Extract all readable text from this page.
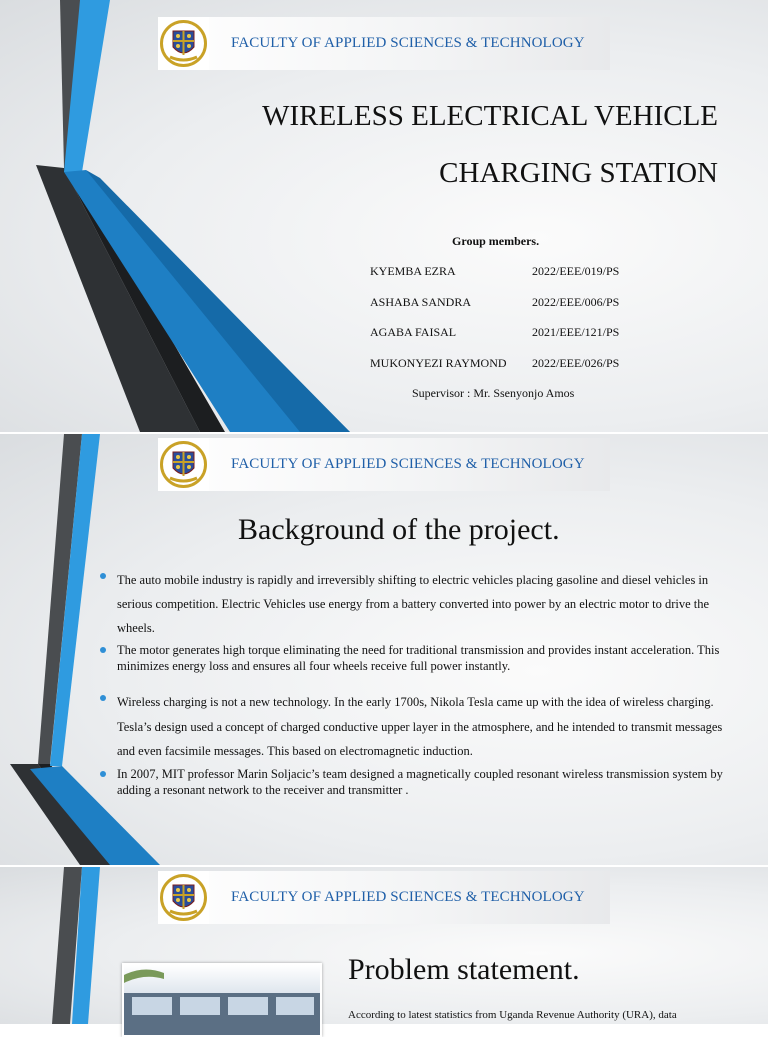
FACULTY OF APPLIED SCIENCES & TECHNOLOGY
WIRELESS ELECTRICAL VEHICLE
CHARGING STATION
Group members.
KYEMBA EZRA	2022/EEE/019/PS
ASHABA SANDRA	2022/EEE/006/PS
AGABA FAISAL	2021/EEE/121/PS
MUKONYEZI RAYMOND 2022/EEE/026/PS
Supervisor : Mr. Ssenyonjo Amos
FACULTY OF APPLIED SCIENCES & TECHNOLOGY
Background of the project.
The auto mobile industry is rapidly and irreversibly shifting to electric vehicles placing gasoline and diesel vehicles in serious competition. Electric Vehicles use energy from a battery converted into power by an electric motor to drive the wheels.
The motor generates high torque eliminating the need for traditional transmission and provides instant acceleration. This minimizes energy loss and ensures all four wheels receive full power instantly.
Wireless charging is not a new technology. In the early 1700s, Nikola Tesla came up with the idea of wireless charging. Tesla’s design used a concept of charged conductive upper layer in the atmosphere, and he intended to transmit messages and even facsimile messages. This based on electromagnetic induction.
In 2007, MIT professor Marin Soljacic’s team designed a magnetically coupled resonant wireless transmission system by adding a resonant network to the receiver and transmitter .
FACULTY OF APPLIED SCIENCES & TECHNOLOGY
Problem statement.
According to latest statistics from Uganda Revenue Authority (URA), data
